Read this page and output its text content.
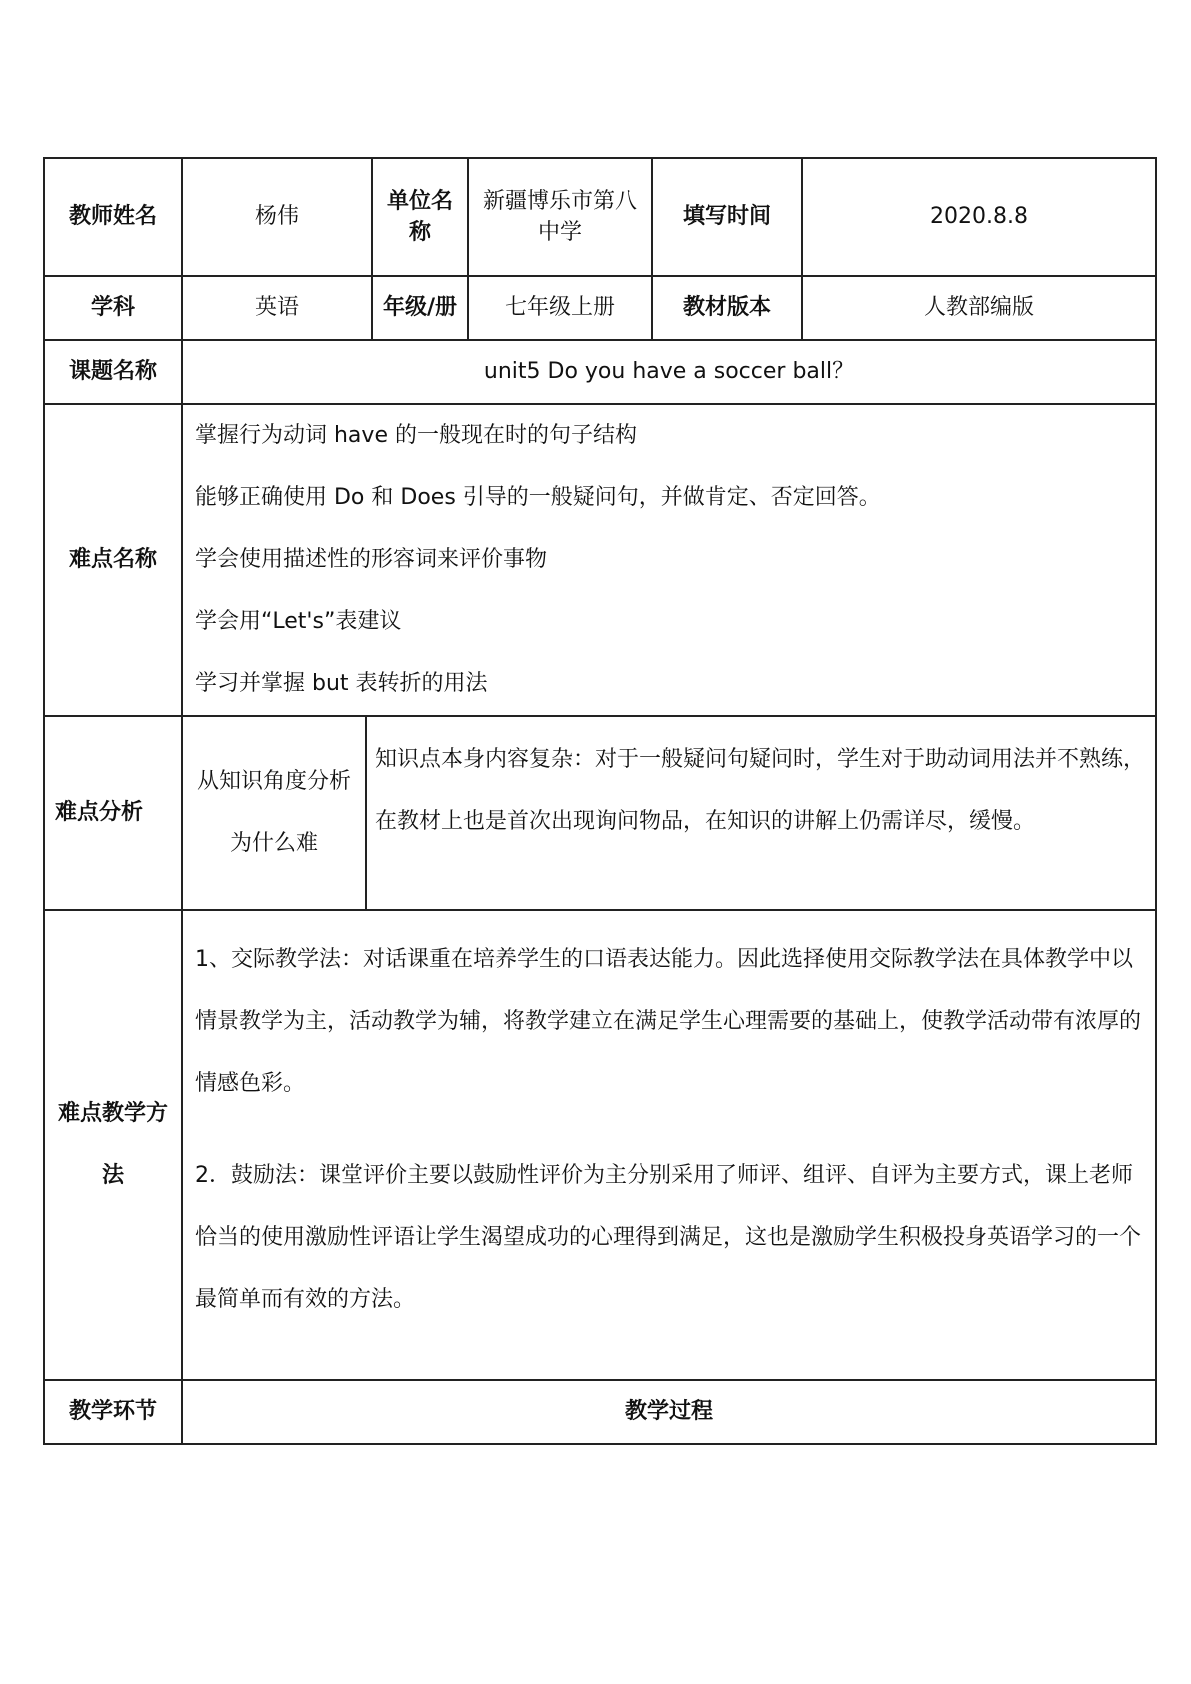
教师姓名	杨伟		单位名称	新疆博乐市第八中学	填写时间	2020.8.8
学科	英语		年级/册	七年级上册	教材版本	人教部编版
课题名称	unit5 Do you have a soccer ball？					
难点名称	掌握行为动词 have 的一般现在时的句子结构
能够正确使用 Do 和 Does 引导的一般疑问句，并做肯定、否定回答。
学会使用描述性的形容词来评价事物
学会用“Let's”表建议
学习并掌握 but 表转折的用法					

难点分析	从知识角度分析为什么难	知识点本身内容复杂：对于一般疑问句疑问时，学生对于助动词用法并不熟练，在教材上也是首次出现询问物品，在知识的讲解上仍需详尽，缓慢。				

难点教学方法	1、交际教学法：对话课重在培养学生的口语表达能力。因此选择使用交际教学法在具体教学中以情景教学为主，活动教学为辅，将教学建立在满足学生心理需要的基础上，使教学活动带有浓厚的情感色彩。
2．鼓励法：课堂评价主要以鼓励性评价为主分别采用了师评、组评、自评为主要方式，课上老师恰当的使用激励性评语让学生渴望成功的心理得到满足，这也是激励学生积极投身英语学习的一个最简单而有效的方法。					

教学环节	教学过程					
